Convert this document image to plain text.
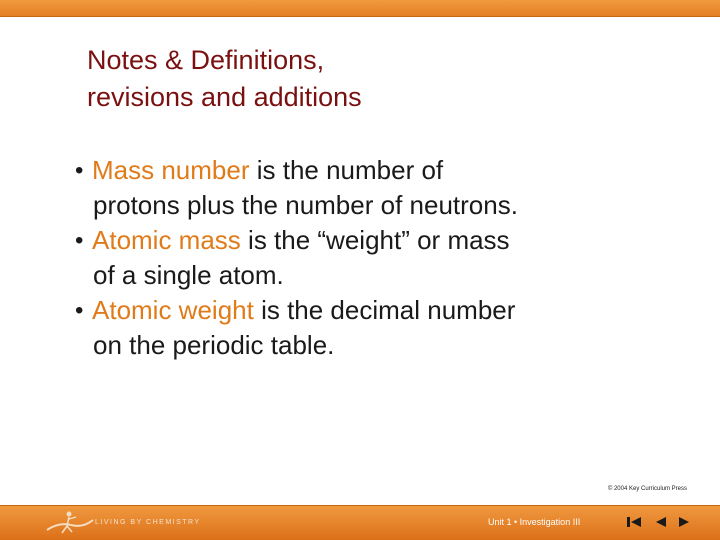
Notes & Definitions,
revisions and additions
• Mass number is the number of
protons plus the number of neutrons.
• Atomic mass is the “weight” or mass
of a single atom.
• Atomic weight is the decimal number
on the periodic table.
© 2004 Key Curriculum Press
LIVING BY CHEMISTRY	Unit 1 • Investigation III
